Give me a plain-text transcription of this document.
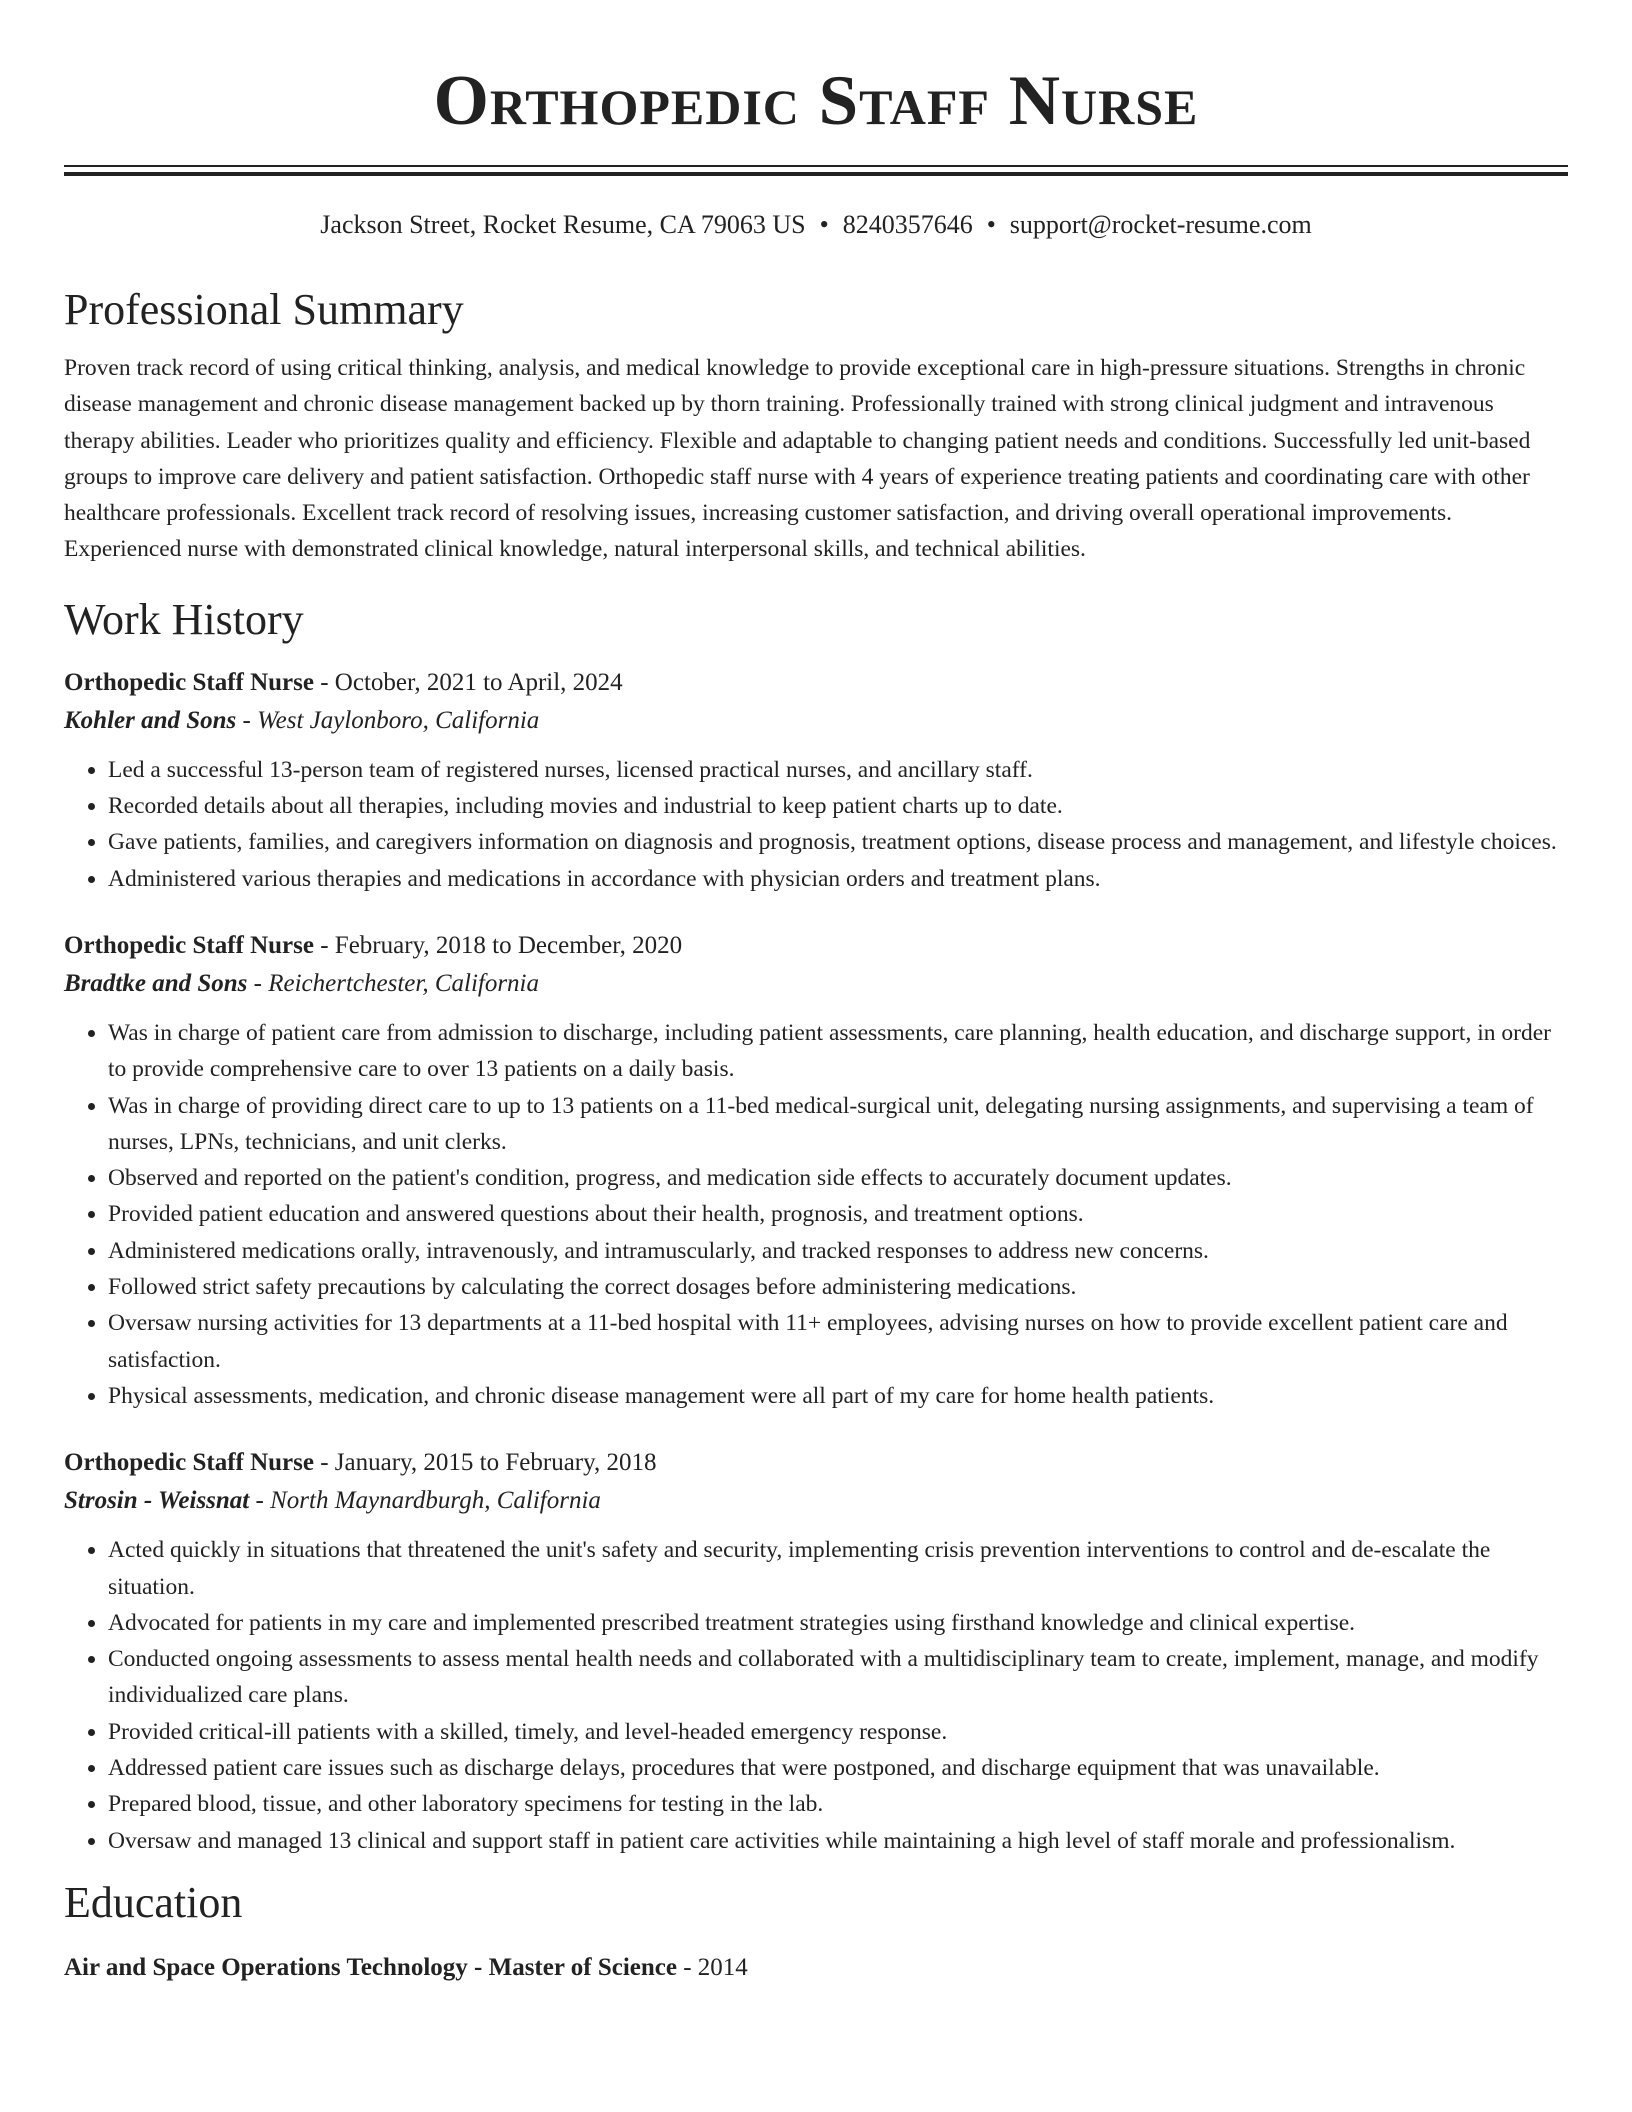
Orthopedic Staff Nurse
Jackson Street, Rocket Resume, CA 79063 US • 8240357646 • support@rocket-resume.com
Professional Summary

Proven track record of using critical thinking, analysis, and medical knowledge to provide exceptional care in high-pressure situations. Strengths in chronic disease management and chronic disease management backed up by thorn training. Professionally trained with strong clinical judgment and intravenous therapy abilities. Leader who prioritizes quality and efficiency. Flexible and adaptable to changing patient needs and conditions. Successfully led unit-based groups to improve care delivery and patient satisfaction. Orthopedic staff nurse with 4 years of experience treating patients and coordinating care with other healthcare professionals. Excellent track record of resolving issues, increasing customer satisfaction, and driving overall operational improvements. Experienced nurse with demonstrated clinical knowledge, natural interpersonal skills, and technical abilities.

Work History
Orthopedic Staff Nurse - October, 2021 to April, 2024
Kohler and Sons - West Jaylonboro, California
• Led a successful 13-person team of registered nurses, licensed practical nurses, and ancillary staff.
• Recorded details about all therapies, including movies and industrial to keep patient charts up to date.
• Gave patients, families, and caregivers information on diagnosis and prognosis, treatment options, disease process and management, and lifestyle choices.
• Administered various therapies and medications in accordance with physician orders and treatment plans.
Orthopedic Staff Nurse - February, 2018 to December, 2020
Bradtke and Sons - Reichertchester, California
• Was in charge of patient care from admission to discharge, including patient assessments, care planning, health education, and discharge support, in order to provide comprehensive care to over 13 patients on a daily basis.
• Was in charge of providing direct care to up to 13 patients on a 11-bed medical-surgical unit, delegating nursing assignments, and supervising a team of nurses, LPNs, technicians, and unit clerks.
• Observed and reported on the patient's condition, progress, and medication side effects to accurately document updates.
• Provided patient education and answered questions about their health, prognosis, and treatment options.
• Administered medications orally, intravenously, and intramuscularly, and tracked responses to address new concerns.
• Followed strict safety precautions by calculating the correct dosages before administering medications.
• Oversaw nursing activities for 13 departments at a 11-bed hospital with 11+ employees, advising nurses on how to provide excellent patient care and satisfaction.
• Physical assessments, medication, and chronic disease management were all part of my care for home health patients.
Orthopedic Staff Nurse - January, 2015 to February, 2018
Strosin - Weissnat - North Maynardburgh, California
• Acted quickly in situations that threatened the unit's safety and security, implementing crisis prevention interventions to control and de-escalate the situation.
• Advocated for patients in my care and implemented prescribed treatment strategies using firsthand knowledge and clinical expertise.
• Conducted ongoing assessments to assess mental health needs and collaborated with a multidisciplinary team to create, implement, manage, and modify individualized care plans.
• Provided critical-ill patients with a skilled, timely, and level-headed emergency response.
• Addressed patient care issues such as discharge delays, procedures that were postponed, and discharge equipment that was unavailable.
• Prepared blood, tissue, and other laboratory specimens for testing in the lab.
• Oversaw and managed 13 clinical and support staff in patient care activities while maintaining a high level of staff morale and professionalism.
Education
Air and Space Operations Technology - Master of Science - 2014
